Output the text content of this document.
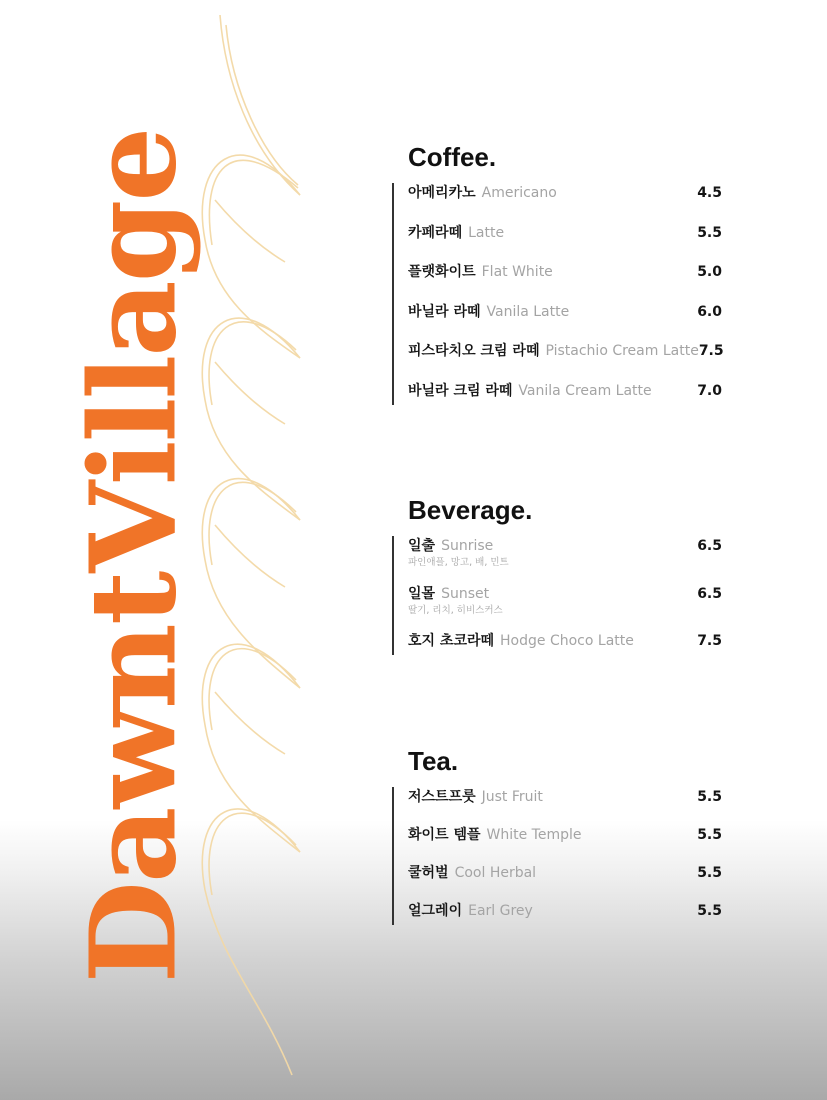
DawntVillage	Coffee.
아메리카노 Americano	4.5
카페라떼 Latte	5.5
플랫화이트 Flat White	5.0
바닐라 라떼 Vanila Latte	6.0
피스타치오 크림 라떼 Pistachio Cream Latte 7.5
바닐라 크림 라떼 Vanila Cream Latte	7.0
Beverage.
일출 Sunrise
파인애플, 망고, 배, 민트
6.5
일몰 Sunset
딸기, 리치, 히비스커스
6.5
호지 초코라떼 Hodge Choco Latte	7.5
Tea.
저스트프룻 Just Fruit	5.5
화이트 템플 White Temple	5.5
쿨허벌 Cool Herbal	5.5
얼그레이 Earl Grey	5.5
